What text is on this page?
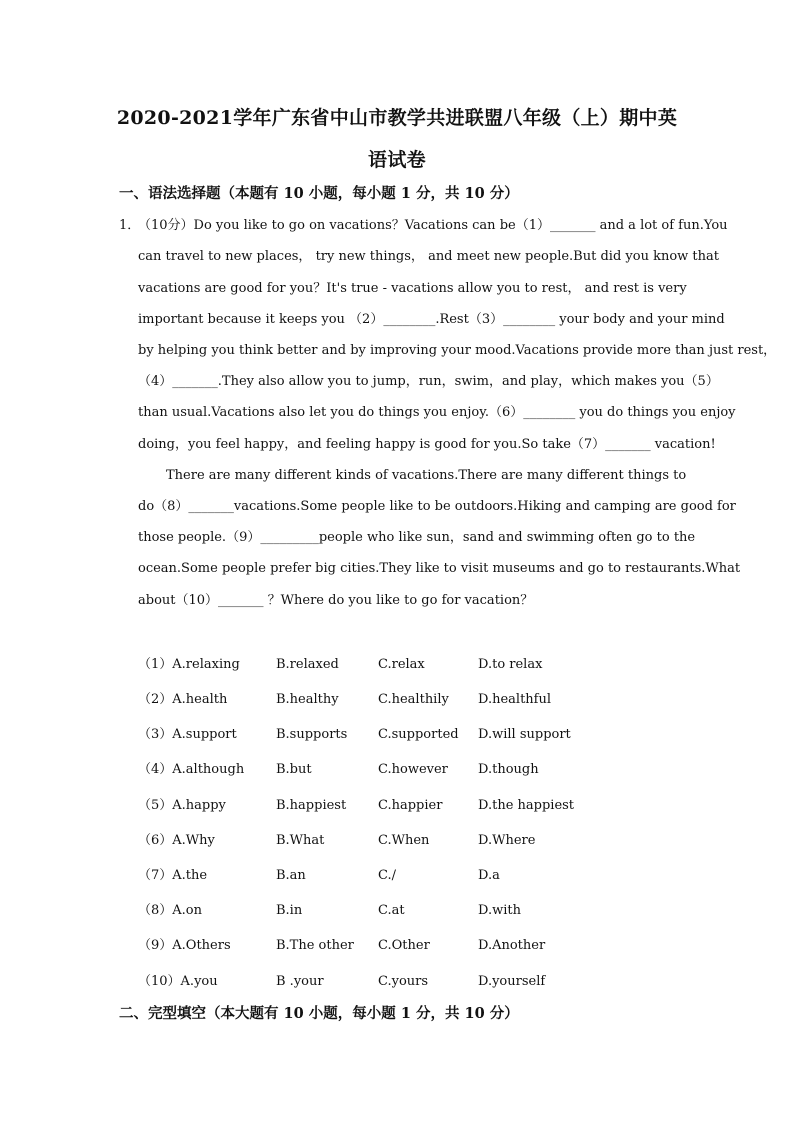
2020-2021学年广东省中山市教学共进联盟八年级（上）期中英
语试卷
一、语法选择题（本题有 10 小题，每小题 1 分，共 10 分）
1．
（10分）Do you like to go on vacations？Vacations can be（1）_______ and a lot of fun.You
can travel to new places， try new things， and meet new people.But did you know that
vacations are good for you？It's true - vacations allow you to rest， and rest is very
important because it keeps you （2）________.Rest（3）________ your body and your mind
by helping you think better and by improving your mood.Vacations provide more than just rest，
（4）_______.They also allow you to jump，run，swim，and play，which makes you（5）
than usual.Vacations also let you do things you enjoy.（6）________ you do things you enjoy
doing，you feel happy，and feeling happy is good for you.So take（7）_______ vacation!
There are many different kinds of vacations.There are many different things to
do（8）_______vacations.Some people like to be outdoors.Hiking and camping are good for
those people.（9）_________people who like sun，sand and swimming often go to the
ocean.Some people prefer big cities.They like to visit museums and go to restaurants.What
about（10）_______ ？Where do you like to go for vacation？
（1）A.relaxing	B.relaxed	C.relax	D.to relax
（2）A.health	B.healthy	C.healthily D.healthful
（3）A.support	B.supports C.supported D.will support
（4）A.although B.but	C.however D.though
（5）A.happy	B.happiest C.happier	D.the happiest
（6）A.Why	B.What	C.When	D.Where
（7）A.the	B.an	C./	D.a
（8）A.on	B.in	C.at	D.with
（9）A.Others	B.The other C.Other	D.Another
（10）A.you	B .your	C.yours	D.yourself
二、完型填空（本大题有 10 小题，每小题 1 分，共 10 分）
